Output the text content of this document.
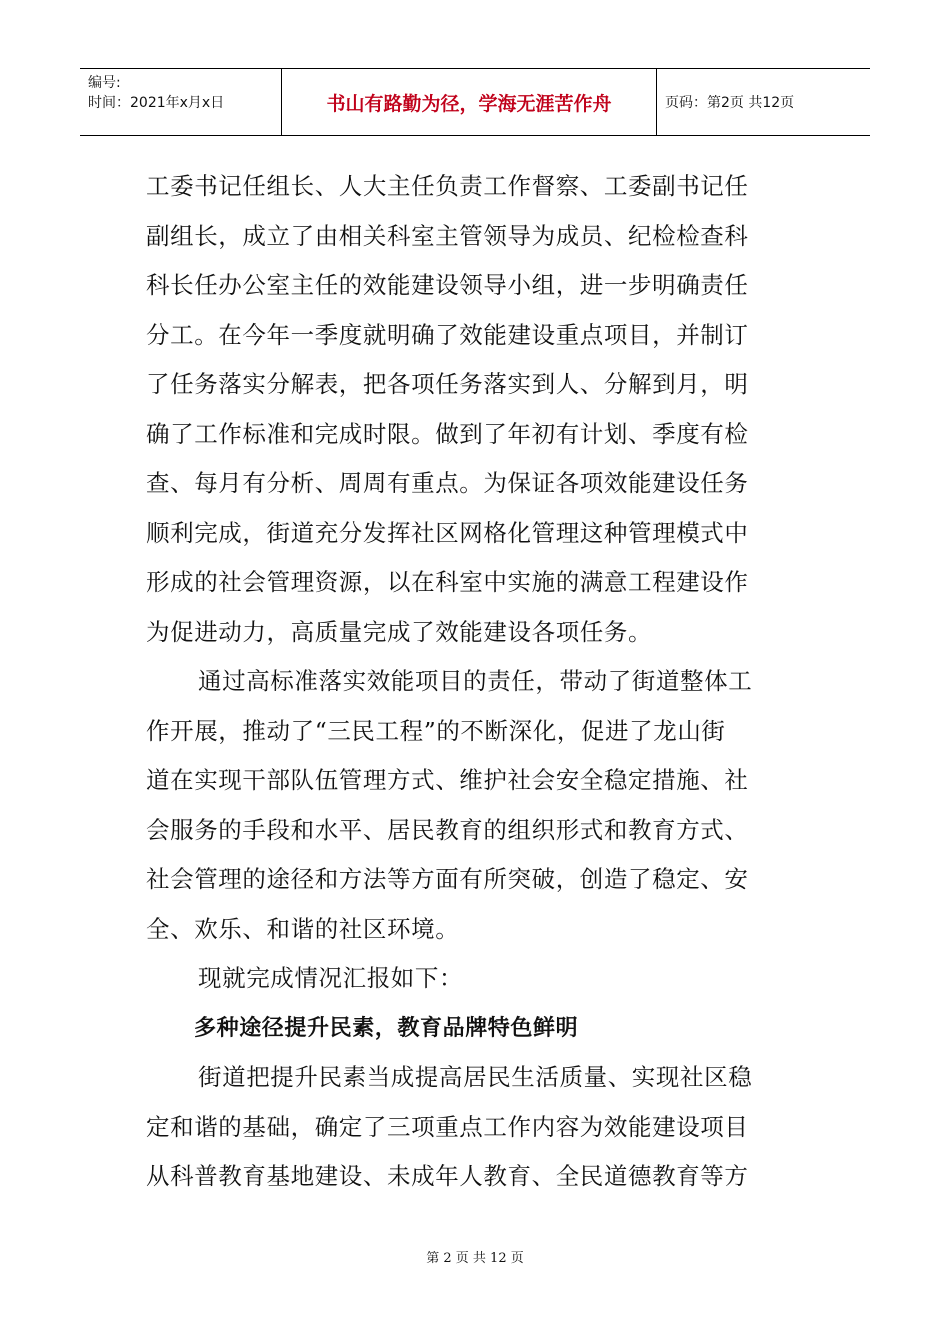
编号:
时间：2021年x月x日	书山有路勤为径，学海无涯苦作舟	页码：第2页 共12页
工委书记任组长、人大主任负责工作督察、工委副书记任
副组长，成立了由相关科室主管领导为成员、纪检检查科
科长任办公室主任的效能建设领导小组，进一步明确责任
分工。在今年一季度就明确了效能建设重点项目，并制订
了任务落实分解表，把各项任务落实到人、分解到月，明
确了工作标准和完成时限。做到了年初有计划、季度有检
查、每月有分析、周周有重点。为保证各项效能建设任务
顺利完成，街道充分发挥社区网格化管理这种管理模式中
形成的社会管理资源，以在科室中实施的满意工程建设作
为促进动力，高质量完成了效能建设各项任务。
通过高标准落实效能项目的责任，带动了街道整体工
作开展，推动了“三民工程”的不断深化，促进了龙山街
道在实现干部队伍管理方式、维护社会安全稳定措施、社
会服务的手段和水平、居民教育的组织形式和教育方式、
社会管理的途径和方法等方面有所突破，创造了稳定、安
全、欢乐、和谐的社区环境。
现就完成情况汇报如下：
多种途径提升民素，教育品牌特色鲜明
街道把提升民素当成提高居民生活质量、实现社区稳
定和谐的基础，确定了三项重点工作内容为效能建设项目
从科普教育基地建设、未成年人教育、全民道德教育等方
第 2 页 共 12 页
